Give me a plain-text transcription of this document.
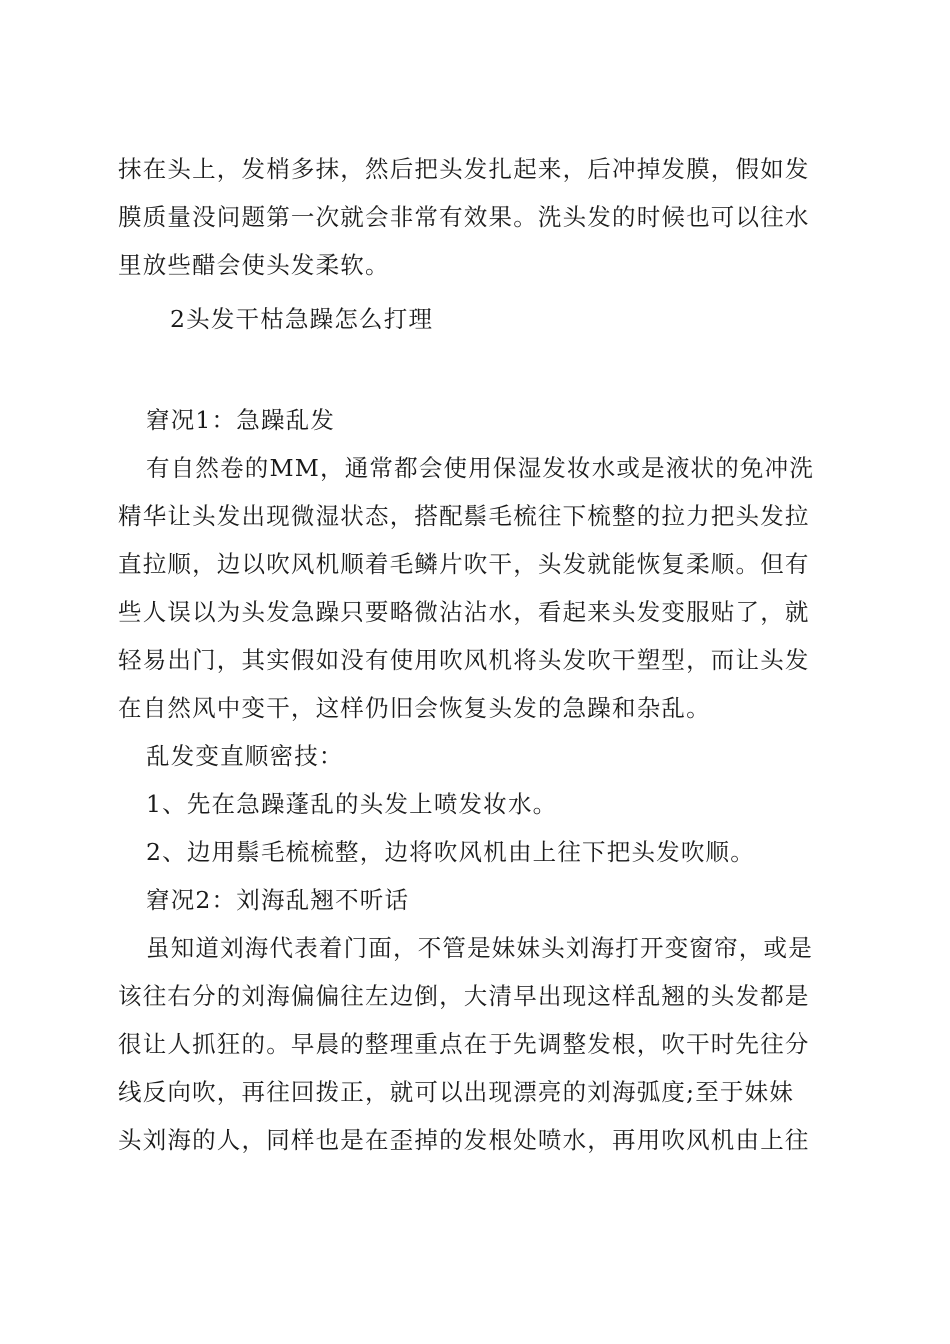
抹在头上，发梢多抹，然后把头发扎起来，后冲掉发膜，假如发
膜质量没问题第一次就会非常有效果。洗头发的时候也可以往水
里放些醋会使头发柔软。
2头发干枯急躁怎么打理
窘况1：急躁乱发
有自然卷的MM，通常都会使用保湿发妆水或是液状的免冲洗
精华让头发出现微湿状态，搭配鬃毛梳往下梳整的拉力把头发拉
直拉顺，边以吹风机顺着毛鳞片吹干，头发就能恢复柔顺。但有
些人误以为头发急躁只要略微沾沾水，看起来头发变服贴了，就
轻易出门，其实假如没有使用吹风机将头发吹干塑型，而让头发
在自然风中变干，这样仍旧会恢复头发的急躁和杂乱。
乱发变直顺密技：
1、先在急躁蓬乱的头发上喷发妆水。
2、边用鬃毛梳梳整，边将吹风机由上往下把头发吹顺。
窘况2：刘海乱翘不听话
虽知道刘海代表着门面，不管是妹妹头刘海打开变窗帘，或是
该往右分的刘海偏偏往左边倒，大清早出现这样乱翘的头发都是
很让人抓狂的。早晨的整理重点在于先调整发根，吹干时先往分
线反向吹，再往回拨正，就可以出现漂亮的刘海弧度;至于妹妹
头刘海的人，同样也是在歪掉的发根处喷水，再用吹风机由上往
